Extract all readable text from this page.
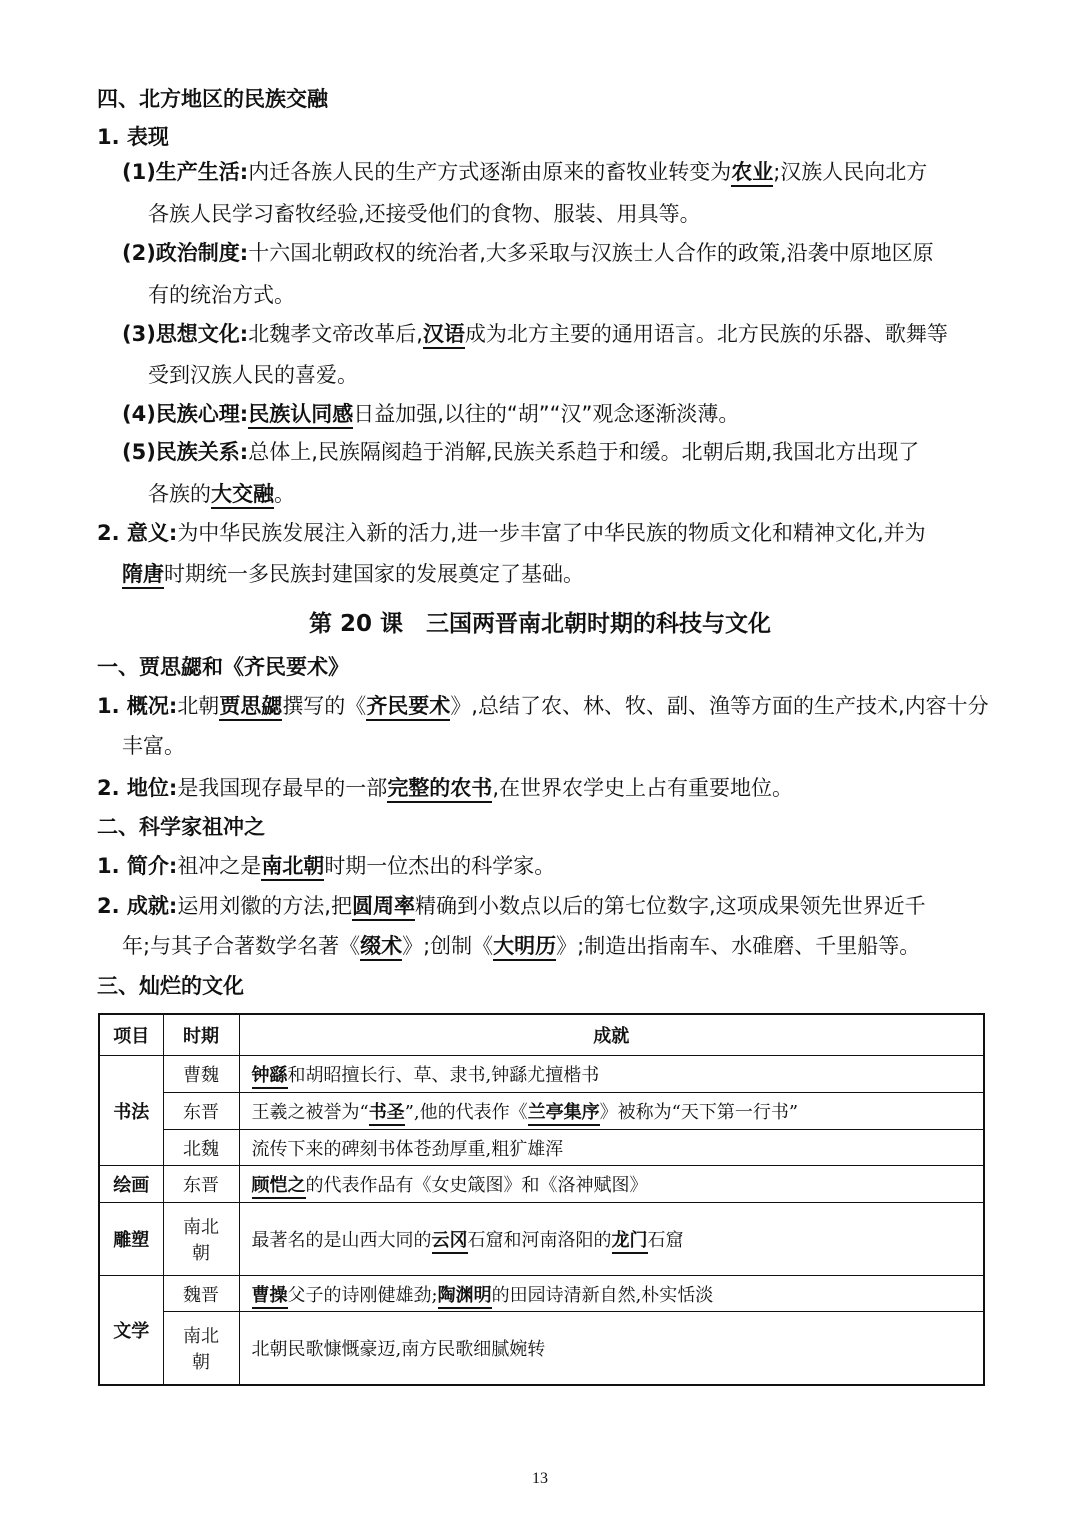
四、北方地区的民族交融
1. 表现
(1)生产生活:内迁各族人民的生产方式逐渐由原来的畜牧业转变为农业;汉族人民向北方
各族人民学习畜牧经验,还接受他们的食物、服装、用具等。
(2)政治制度:十六国北朝政权的统治者,大多采取与汉族士人合作的政策,沿袭中原地区原
有的统治方式。
(3)思想文化:北魏孝文帝改革后,汉语成为北方主要的通用语言。北方民族的乐器、歌舞等
受到汉族人民的喜爱。
(4)民族心理:民族认同感日益加强,以往的“胡”“汉”观念逐渐淡薄。
(5)民族关系:总体上,民族隔阂趋于消解,民族关系趋于和缓。北朝后期,我国北方出现了
各族的大交融。
2. 意义:为中华民族发展注入新的活力,进一步丰富了中华民族的物质文化和精神文化,并为
隋唐时期统一多民族封建国家的发展奠定了基础。
第 20 课　三国两晋南北朝时期的科技与文化
一、贾思勰和《齐民要术》
1. 概况:北朝贾思勰撰写的《齐民要术》,总结了农、林、牧、副、渔等方面的生产技术,内容十分
丰富。
2. 地位:是我国现存最早的一部完整的农书,在世界农学史上占有重要地位。
二、科学家祖冲之
1. 简介:祖冲之是南北朝时期一位杰出的科学家。
2. 成就:运用刘徽的方法,把圆周率精确到小数点以后的第七位数字,这项成果领先世界近千
年;与其子合著数学名著《缀术》;创制《大明历》;制造出指南车、水碓磨、千里船等。
三、灿烂的文化
项目	时期	成就
书法	曹魏	钟繇和胡昭擅长行、草、隶书,钟繇尤擅楷书
	东晋	王羲之被誉为“书圣”,他的代表作《兰亭集序》被称为“天下第一行书”
	北魏	流传下来的碑刻书体苍劲厚重,粗犷雄浑
绘画	东晋	顾恺之的代表作品有《女史箴图》和《洛神赋图》
雕塑	南北朝	最著名的是山西大同的云冈石窟和河南洛阳的龙门石窟
文学	魏晋	曹操父子的诗刚健雄劲;陶渊明的田园诗清新自然,朴实恬淡
	南北朝	北朝民歌慷慨豪迈,南方民歌细腻婉转
13
